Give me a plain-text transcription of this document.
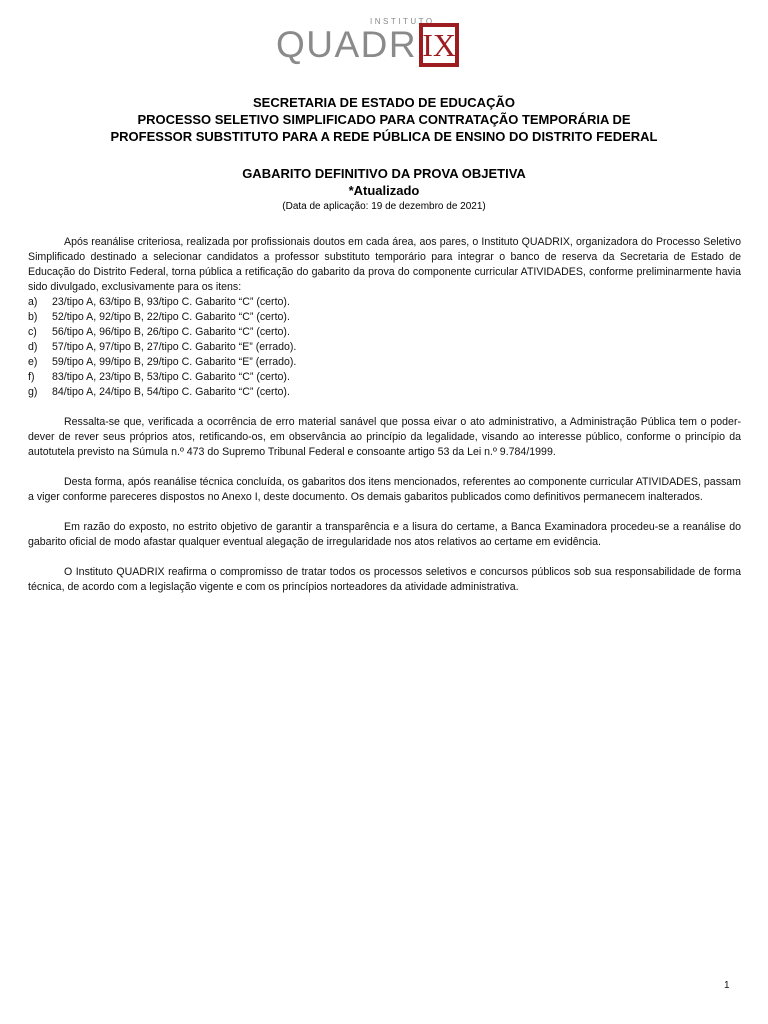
INSTITUTO
QUADR IX
SECRETARIA DE ESTADO DE EDUCAÇÃO
PROCESSO SELETIVO SIMPLIFICADO PARA CONTRATAÇÃO TEMPORÁRIA DE
PROFESSOR SUBSTITUTO PARA A REDE PÚBLICA DE ENSINO DO DISTRITO FEDERAL
GABARITO DEFINITIVO DA PROVA OBJETIVA
*Atualizado
(Data de aplicação: 19 de dezembro de 2021)

Após reanálise criteriosa, realizada por profissionais doutos em cada área, aos pares, o Instituto QUADRIX, organizadora do Processo Seletivo Simplificado destinado a selecionar candidatos a professor substituto temporário para integrar o banco de reserva da Secretaria de Estado de Educação do Distrito Federal, torna pública a retificação do gabarito da prova do componente curricular ATIVIDADES, conforme preliminarmente havia sido divulgado, exclusivamente para os itens:

a)	23/tipo A, 63/tipo B, 93/tipo C. Gabarito “C” (certo).
b)	52/tipo A, 92/tipo B, 22/tipo C. Gabarito “C” (certo).
c)	56/tipo A, 96/tipo B, 26/tipo C. Gabarito “C” (certo).
d)	57/tipo A, 97/tipo B, 27/tipo C. Gabarito “E” (errado).
e)	59/tipo A, 99/tipo B, 29/tipo C. Gabarito “E” (errado).
f)	83/tipo A, 23/tipo B, 53/tipo C. Gabarito “C” (certo).
g)	84/tipo A, 24/tipo B, 54/tipo C. Gabarito “C” (certo).

Ressalta-se que, verificada a ocorrência de erro material sanável que possa eivar o ato administrativo, a Administração Pública tem o poder-dever de rever seus próprios atos, retificando-os, em observância ao princípio da legalidade, visando ao interesse público, conforme o princípio da autotutela previsto na Súmula n.º 473 do Supremo Tribunal Federal e consoante artigo 53 da Lei n.º 9.784/1999.

Desta forma, após reanálise técnica concluída, os gabaritos dos itens mencionados, referentes ao componente curricular ATIVIDADES, passam a viger conforme pareceres dispostos no Anexo I, deste documento. Os demais gabaritos publicados como definitivos permanecem inalterados.

Em razão do exposto, no estrito objetivo de garantir a transparência e a lisura do certame, a Banca Examinadora procedeu-se a reanálise do gabarito oficial de modo afastar qualquer eventual alegação de irregularidade nos atos relativos ao certame em evidência.

O Instituto QUADRIX reafirma o compromisso de tratar todos os processos seletivos e concursos públicos sob sua responsabilidade de forma técnica, de acordo com a legislação vigente e com os princípios norteadores da atividade administrativa.

1
